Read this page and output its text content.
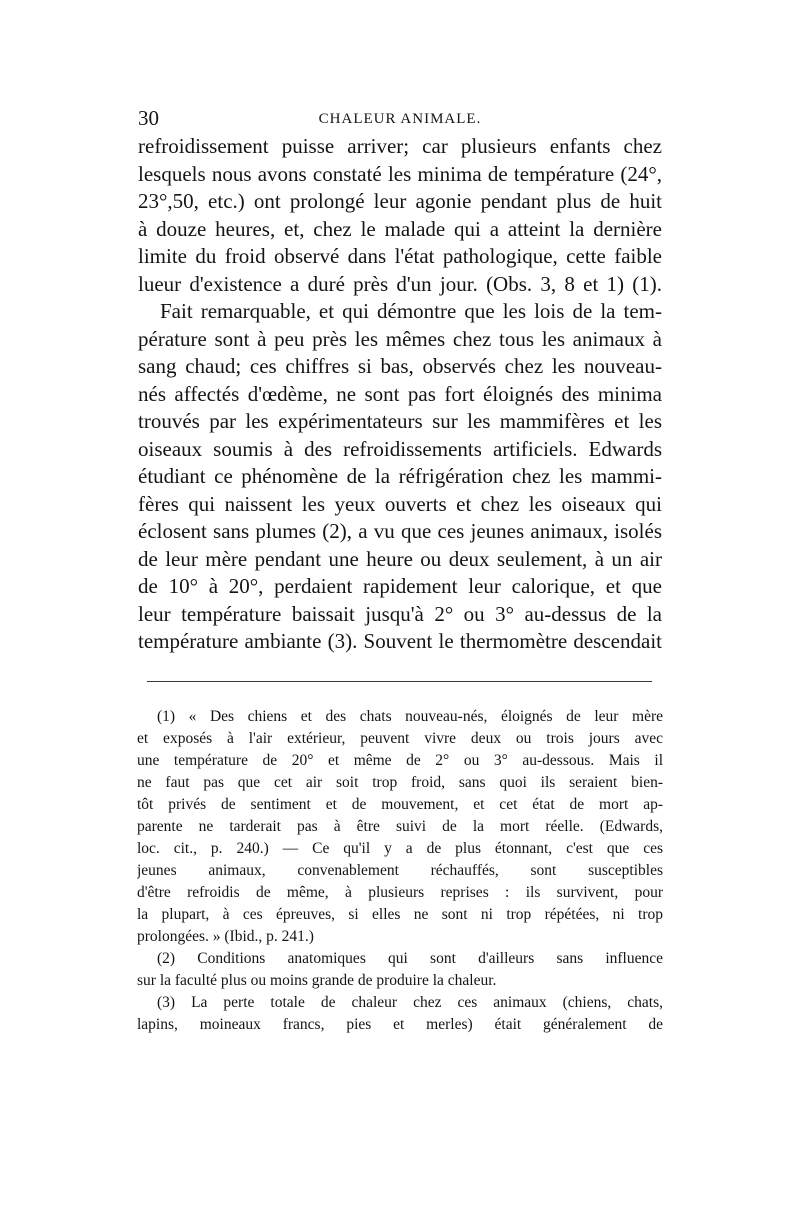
30	CHALEUR ANIMALE.
refroidissement puisse arriver; car plusieurs enfants chez
lesquels nous avons constaté les minima de température (24°,
23°,50, etc.) ont prolongé leur agonie pendant plus de huit
à douze heures, et, chez le malade qui a atteint la dernière
limite du froid observé dans l'état pathologique, cette faible
lueur d'existence a duré près d'un jour. (Obs. 3, 8 et 1) (1).
Fait remarquable, et qui démontre que les lois de la tem-
pérature sont à peu près les mêmes chez tous les animaux à
sang chaud; ces chiffres si bas, observés chez les nouveau-
nés affectés d'œdème, ne sont pas fort éloignés des minima
trouvés par les expérimentateurs sur les mammifères et les
oiseaux soumis à des refroidissements artificiels. Edwards
étudiant ce phénomène de la réfrigération chez les mammi-
fères qui naissent les yeux ouverts et chez les oiseaux qui
éclosent sans plumes (2), a vu que ces jeunes animaux, isolés
de leur mère pendant une heure ou deux seulement, à un air
de 10° à 20°, perdaient rapidement leur calorique, et que
leur température baissait jusqu'à 2° ou 3° au-dessus de la
température ambiante (3). Souvent le thermomètre descendait
(1) « Des chiens et des chats nouveau-nés, éloignés de leur mère
et exposés à l'air extérieur, peuvent vivre deux ou trois jours avec
une température de 20° et même de 2° ou 3° au-dessous. Mais il
ne faut pas que cet air soit trop froid, sans quoi ils seraient bien-
tôt privés de sentiment et de mouvement, et cet état de mort ap-
parente ne tarderait pas à être suivi de la mort réelle. (Edwards,
loc. cit., p. 240.) — Ce qu'il y a de plus étonnant, c'est que ces
jeunes animaux, convenablement réchauffés, sont susceptibles
d'être refroidis de même, à plusieurs reprises : ils survivent, pour
la plupart, à ces épreuves, si elles ne sont ni trop répétées, ni trop
prolongées. » (Ibid., p. 241.)
(2) Conditions anatomiques qui sont d'ailleurs sans influence
sur la faculté plus ou moins grande de produire la chaleur.
(3) La perte totale de chaleur chez ces animaux (chiens, chats,
lapins, moineaux francs, pies et merles) était généralement de
